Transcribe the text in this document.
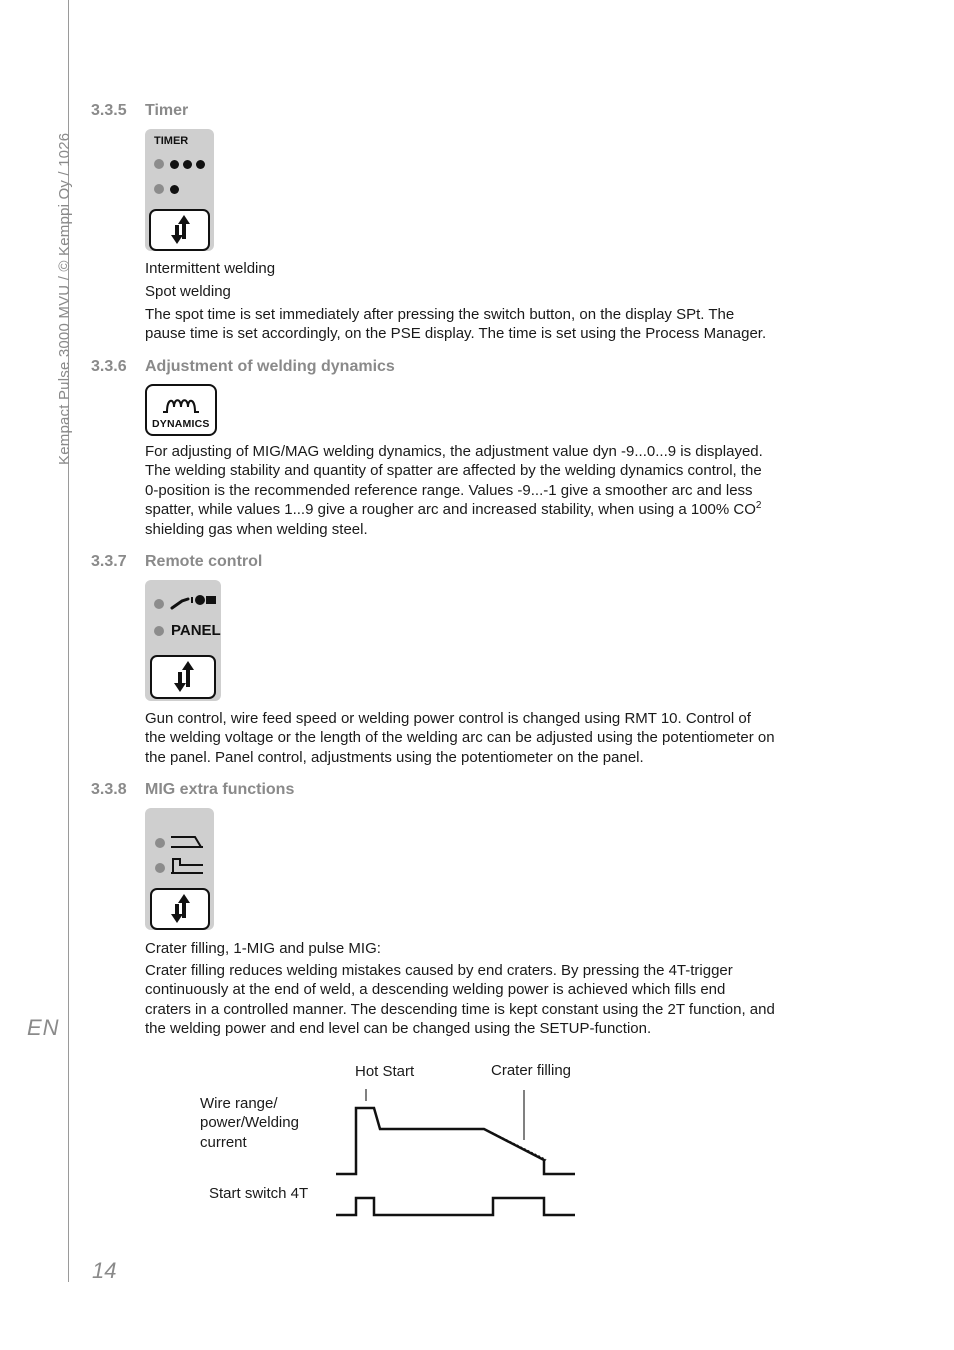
Kempact Pulse 3000 MVU / © Kemppi Oy / 1026
EN
14
3.3.5 Timer
TIMER
Intermittent welding
Spot welding
The spot time is set immediately after pressing the switch button, on the display SPt. The pause time is set accordingly, on the PSE display. The time is set using the Process Manager.
3.3.6 Adjustment of welding dynamics
DYNAMICS
For adjusting of MIG/MAG welding dynamics, the adjustment value dyn -9...0...9 is displayed. The welding stability and quantity of spatter are affected by the welding dynamics control, the 0-position is the recommended reference range. Values -9...-1 give a smoother arc and less spatter, while values 1...9 give a rougher arc and increased stability, when using a 100% $CO^2$ shielding gas when welding steel.
3.3.7 Remote control
PANEL
Gun control, wire feed speed or welding power control is changed using RMT 10. Control of the welding voltage or the length of the welding arc can be adjusted using the potentiometer on the panel. Panel control, adjustments using the potentiometer on the panel.
3.3.8 MIG extra functions
Crater filling, 1-MIG and pulse MIG:
Crater filling reduces welding mistakes caused by end craters. By pressing the 4T-trigger continuously at the end of weld, a descending welding power is achieved which fills end craters in a controlled manner. The descending time is kept constant using the 2T function, and the welding power and end level can be changed using the SETUP-function.
Hot Start	Crater filling
Wire range/
power/Welding
current
Start switch 4T
